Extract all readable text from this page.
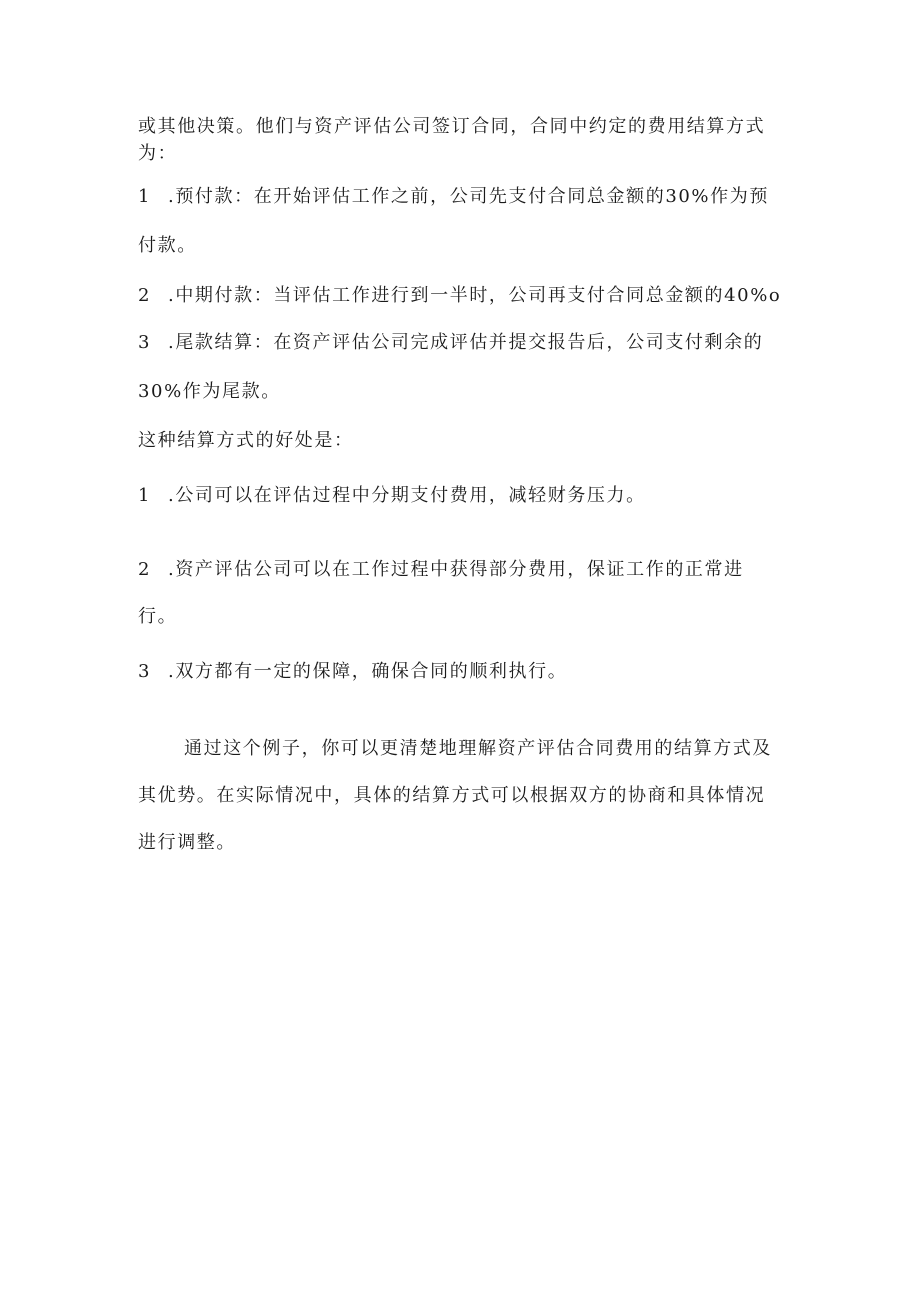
或其他决策。他们与资产评估公司签订合同，合同中约定的费用结算方式
为：
1 .预付款：在开始评估工作之前，公司先支付合同总金额的30%作为预
付款。
2 .中期付款：当评估工作进行到一半时，公司再支付合同总金额的40%o
3 .尾款结算：在资产评估公司完成评估并提交报告后，公司支付剩余的
30%作为尾款。
这种结算方式的好处是：
1 .公司可以在评估过程中分期支付费用，减轻财务压力。
2 .资产评估公司可以在工作过程中获得部分费用，保证工作的正常进
行。
3 .双方都有一定的保障，确保合同的顺利执行。
通过这个例子，你可以更清楚地理解资产评估合同费用的结算方式及
其优势。在实际情况中，具体的结算方式可以根据双方的协商和具体情况
进行调整。
